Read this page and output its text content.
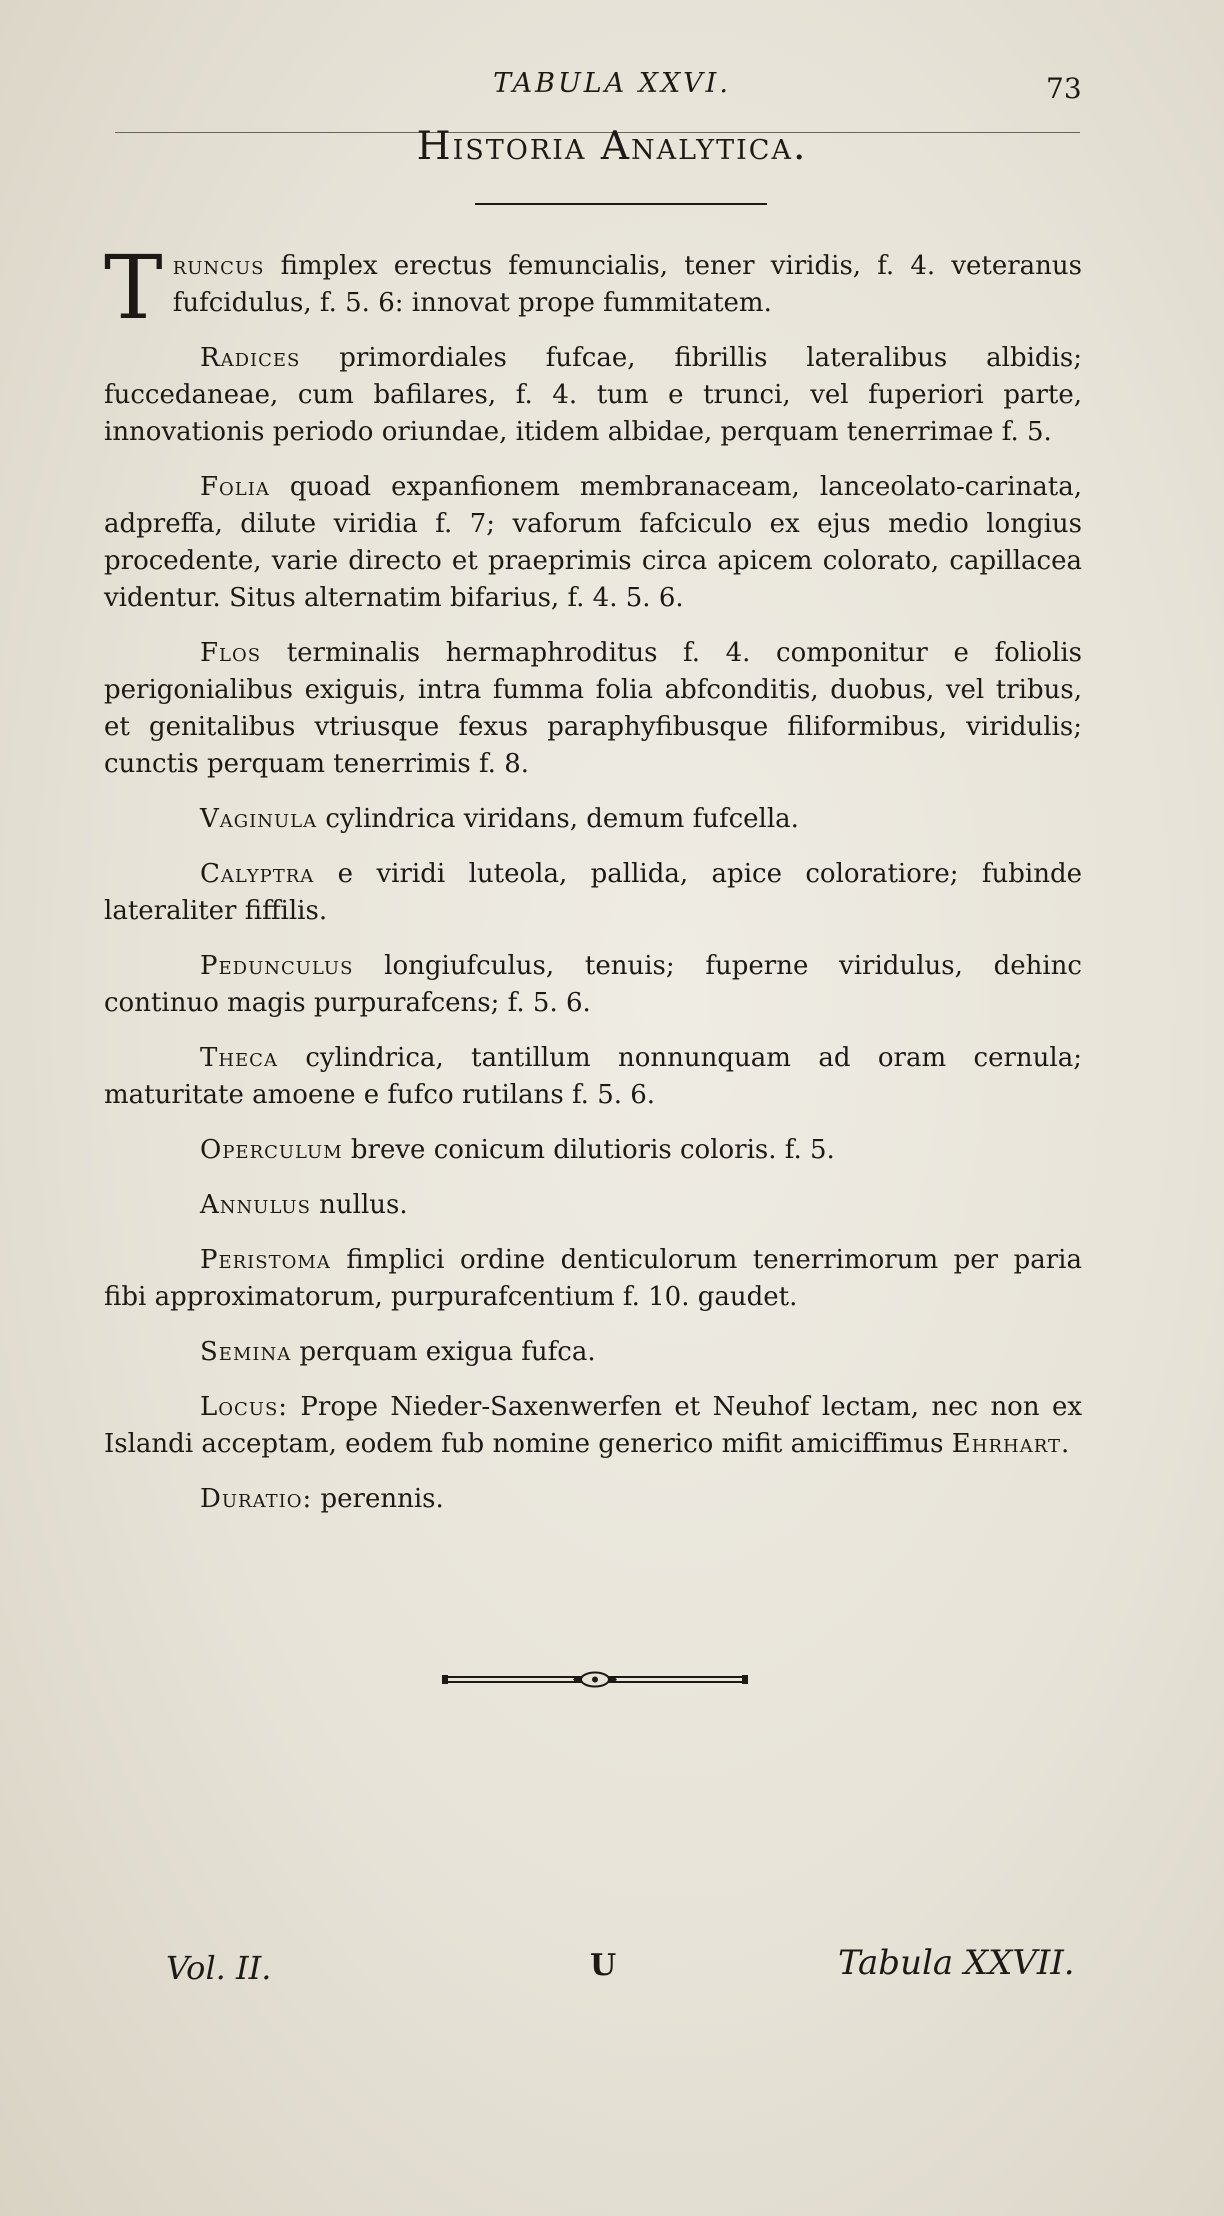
TABULA XXVI.	73
Historia Analytica.

Truncus fimplex erectus femuncialis, tener viridis, f. 4. veteranus fufcidulus, f. 5. 6: innovat prope fummitatem.

Radices primordiales fufcae, fibrillis lateralibus albidis; fuccedaneae, cum bafilares, f. 4. tum e trunci, vel fuperiori parte, innovationis periodo oriundae, itidem albidae, perquam tenerrimae f. 5.

Folia quoad expanfionem membranaceam, lanceolato-carinata, adpreffa, dilute viridia f. 7; vaforum fafciculo ex ejus medio longius procedente, varie directo et praeprimis circa apicem colorato, capillacea videntur. Situs alternatim bifarius, f. 4. 5. 6.

Flos terminalis hermaphroditus f. 4. componitur e foliolis perigonialibus exiguis, intra fumma folia abfconditis, duobus, vel tribus, et genitalibus vtriusque fexus paraphyfibusque filiformibus, viridulis; cunctis perquam tenerrimis f. 8.

Vaginula cylindrica viridans, demum fufcella.

Calyptra e viridi luteola, pallida, apice coloratiore; fubinde lateraliter fiffilis.

Pedunculus longiufculus, tenuis; fuperne viridulus, dehinc continuo magis purpurafcens; f. 5. 6.

Theca cylindrica, tantillum nonnunquam ad oram cernula; maturitate amoene e fufco rutilans f. 5. 6.

Operculum breve conicum dilutioris coloris. f. 5.

Annulus nullus.

Peristoma fimplici ordine denticulorum tenerrimorum per paria fibi approximatorum, purpurafcentium f. 10. gaudet.

Semina perquam exigua fufca.

Locus: Prope Nieder-Saxenwerfen et Neuhof lectam, nec non ex Islandi acceptam, eodem fub nomine generico mifit amiciffimus Ehrhart.

Duratio: perennis.

Vol. II.	U	Tabula XXVII.
